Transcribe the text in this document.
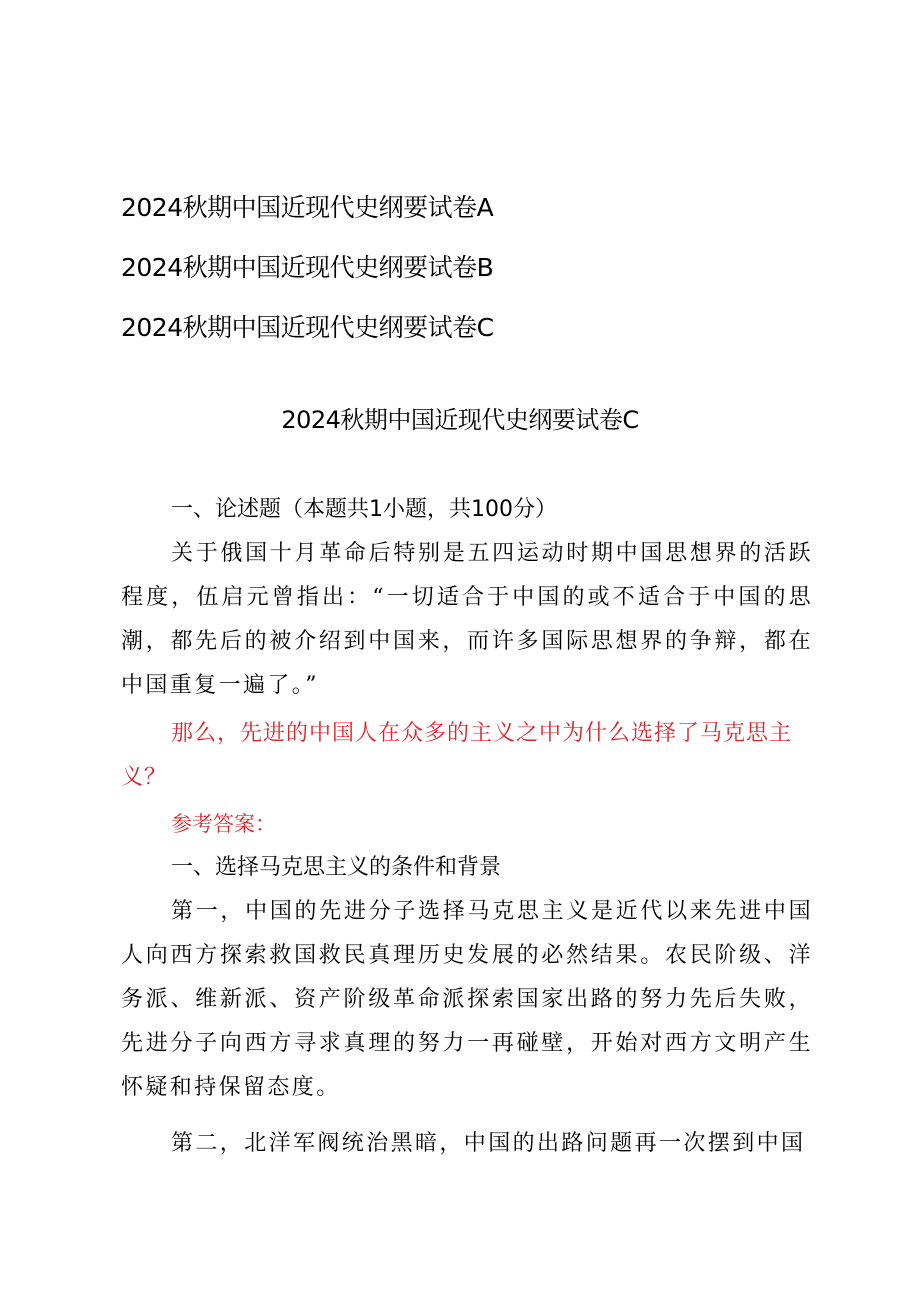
2024秋期中国近现代史纲要试卷A
2024秋期中国近现代史纲要试卷B
2024秋期中国近现代史纲要试卷C
2024秋期中国近现代史纲要试卷C
一、论述题（本题共1小题，共100分）

关于俄国十月革命后特别是五四运动时期中国思想界的活跃程度，伍启元曾指出：“一切适合于中国的或不适合于中国的思潮，都先后的被介绍到中国来，而许多国际思想界的争辩，都在中国重复一遍了。”

那么，先进的中国人在众多的主义之中为什么选择了马克思主义？

参考答案：
一、选择马克思主义的条件和背景

第一，中国的先进分子选择马克思主义是近代以来先进中国人向西方探索救国救民真理历史发展的必然结果。农民阶级、洋务派、维新派、资产阶级革命派探索国家出路的努力先后失败，先进分子向西方寻求真理的努力一再碰壁，开始对西方文明产生怀疑和持保留态度。

第二，北洋军阀统治黑暗，中国的出路问题再一次摆到中国
